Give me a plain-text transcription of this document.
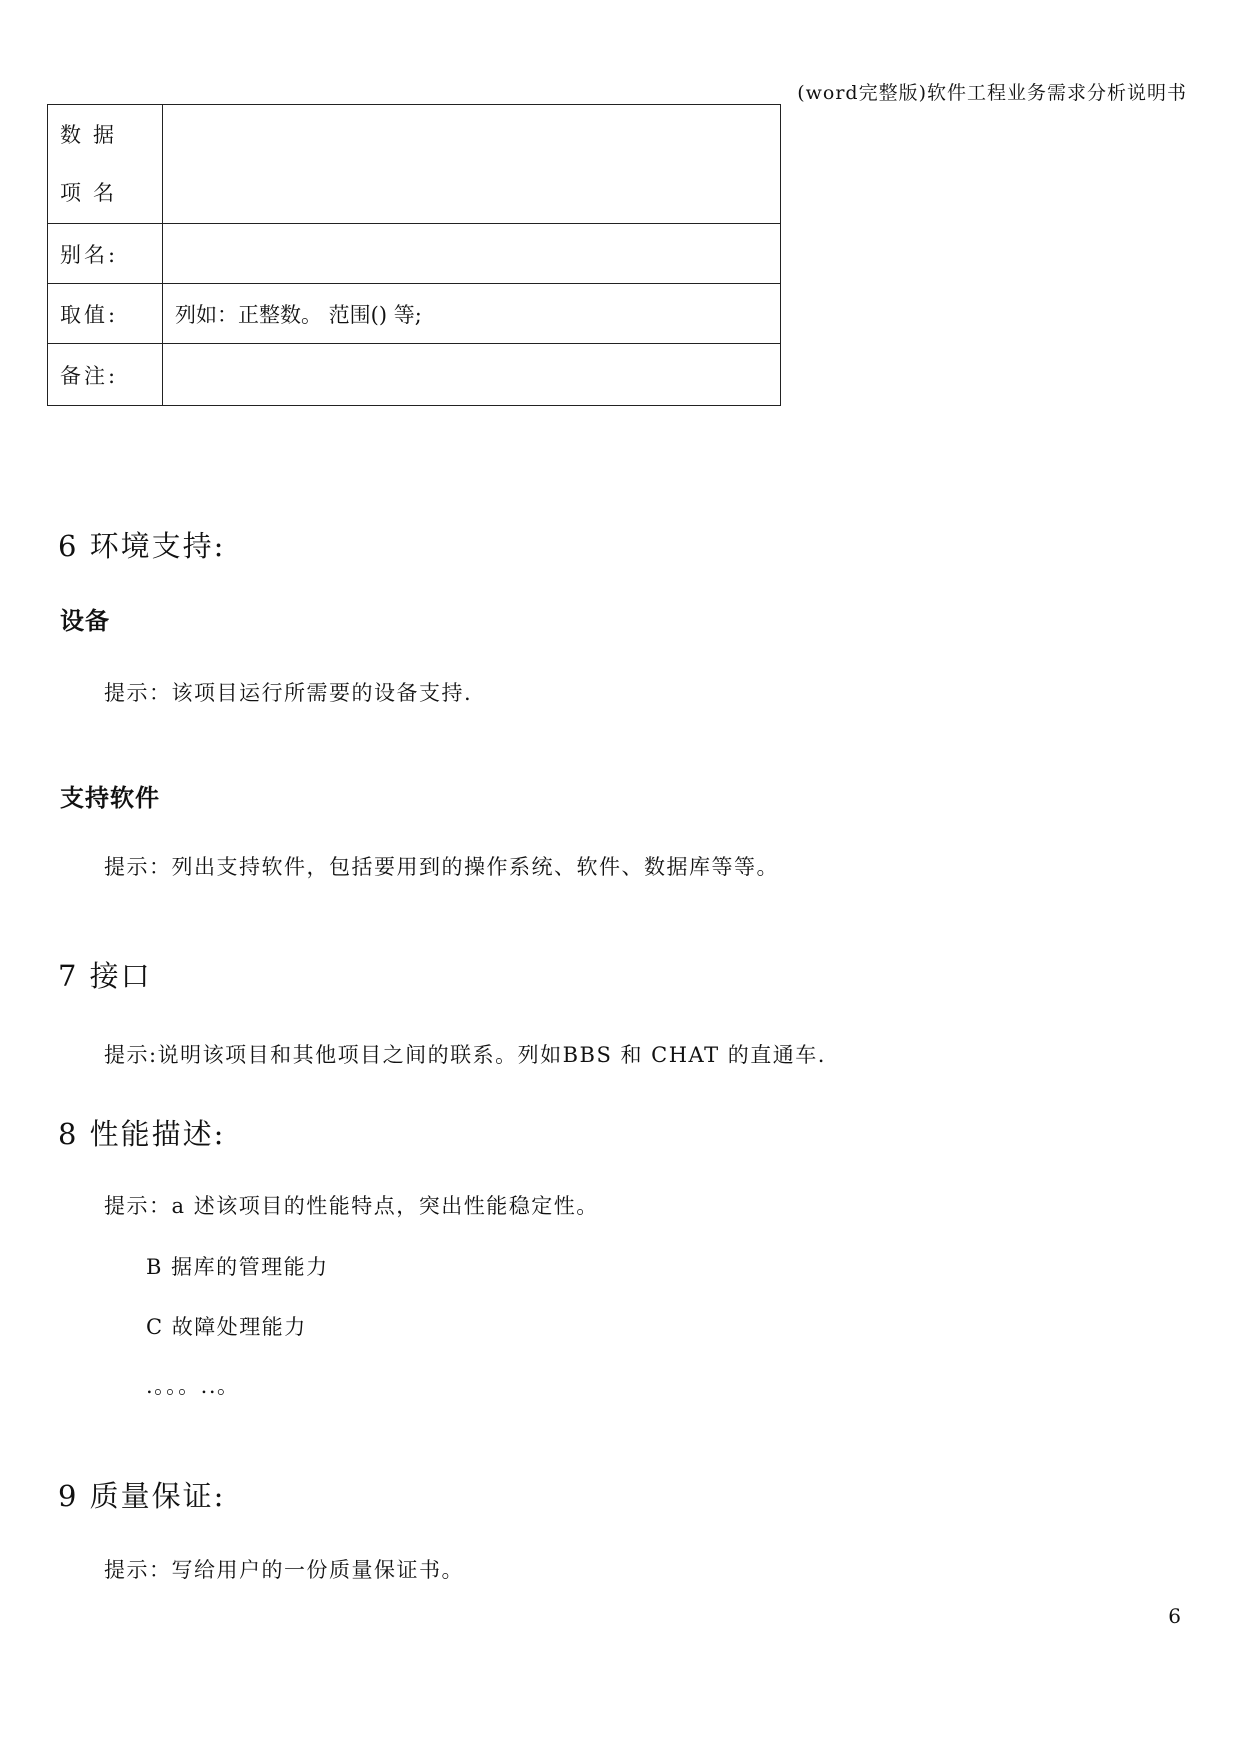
(word完整版)软件工程业务需求分析说明书
数据项名	
别名:	
取值:	列如：正整数。 范围() 等;
备注:	
6 环境支持:
设备
提示：该项目运行所需要的设备支持.
支持软件
提示：列出支持软件，包括要用到的操作系统、软件、数据库等等。
7 接口
提示:说明该项目和其他项目之间的联系。列如BBS 和 CHAT 的直通车.
8 性能描述:
提示：a 述该项目的性能特点，突出性能稳定性。
B 据库的管理能力
C 故障处理能力
.。。。..。
9 质量保证:
提示：写给用户的一份质量保证书。
6
